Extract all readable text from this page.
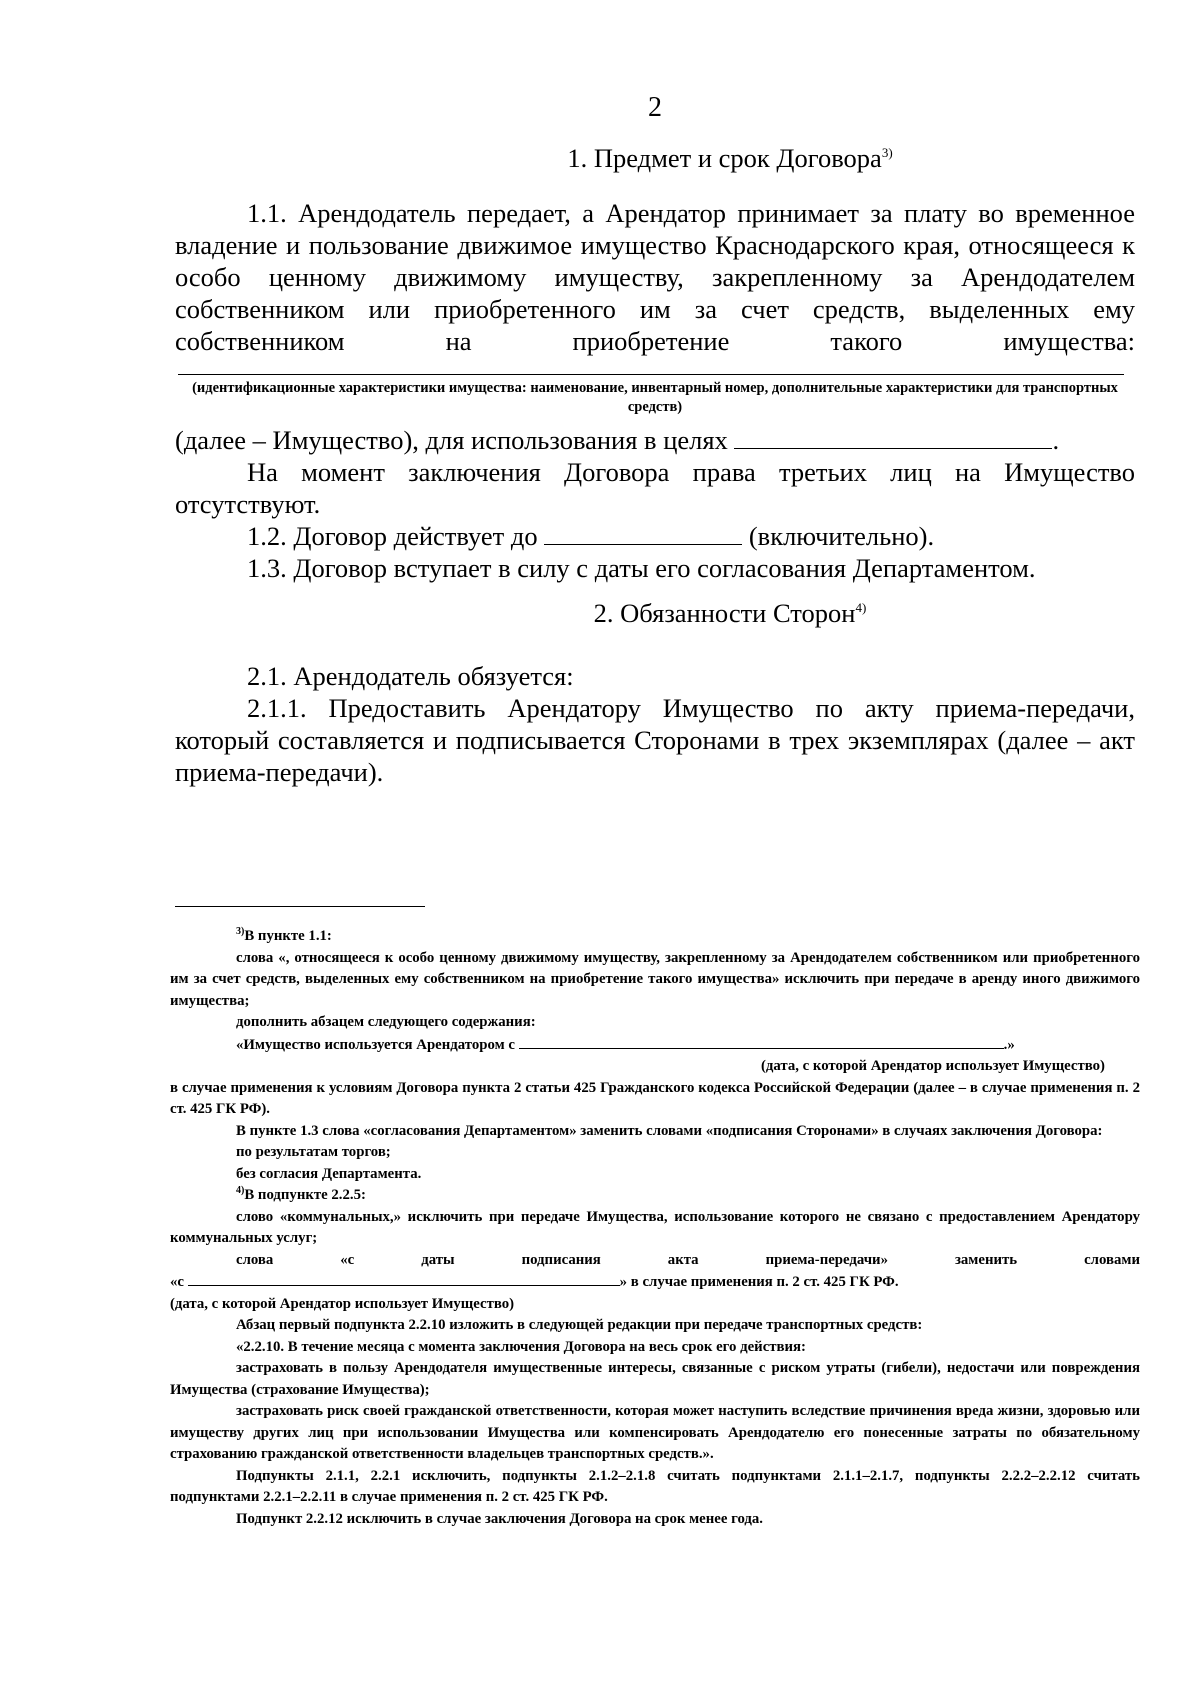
2

1. Предмет и срок Договора$^{3)}$

1.1. Арендодатель передает, а Арендатор принимает за плату во временное владение и пользование движимое имущество Краснодарского края, относящееся к особо ценному движимому имуществу, закрепленному за Арендодателем собственником или приобретенного им за счет средств, выделенных ему собственником на приобретение такого имущества:

(идентификационные характеристики имущества: наименование, инвентарный номер, дополнительные характеристики для транспортных средств)

(далее – Имущество), для использования в целях	.

На момент заключения Договора права третьих лиц на Имущество отсутствуют.

1.2. Договор действует до	(включительно).

1.3. Договор вступает в силу с даты его согласования Департаментом.

2. Обязанности Сторон$^{4)}$

2.1. Арендодатель обязуется:

2.1.1. Предоставить Арендатору Имущество по акту приема-передачи, который составляется и подписывается Сторонами в трех экземплярах (далее – акт приема-передачи).

$^{3)}$В пункте 1.1:

слова «, относящееся к особо ценному движимому имуществу, закрепленному за Арендодателем собственником или приобретенного им за счет средств, выделенных ему собственником на приобретение такого имущества» исключить при передаче в аренду иного движимого имущества;

дополнить абзацем следующего содержания:

«Имущество используется Арендатором с	.»

(дата, с которой Арендатор использует Имущество)

в случае применения к условиям Договора пункта 2 статьи 425 Гражданского кодекса Российской Федерации (далее – в случае применения п. 2 ст. 425 ГК РФ).

В пункте 1.3 слова «согласования Департаментом» заменить словами «подписания Сторонами» в случаях заключения Договора:

по результатам торгов;

без согласия Департамента.

$^{4)}$В подпункте 2.2.5:

слово «коммунальных,» исключить при передаче Имущества, использование которого не связано с предоставлением Арендатору коммунальных услуг;

слова «с даты подписания акта приема-передачи» заменить словами

«с	» в случае применения п. 2 ст. 425 ГК РФ.

(дата, с которой Арендатор использует Имущество)

Абзац первый подпункта 2.2.10 изложить в следующей редакции при передаче транспортных средств:

«2.2.10. В течение месяца с момента заключения Договора на весь срок его действия:

застраховать в пользу Арендодателя имущественные интересы, связанные с риском утраты (гибели), недостачи или повреждения Имущества (страхование Имущества);

застраховать риск своей гражданской ответственности, которая может наступить вследствие причинения вреда жизни, здоровью или имуществу других лиц при использовании Имущества или компенсировать Арендодателю его понесенные затраты по обязательному страхованию гражданской ответственности владельцев транспортных средств.».

Подпункты 2.1.1, 2.2.1 исключить, подпункты 2.1.2–2.1.8 считать подпунктами 2.1.1–2.1.7, подпункты 2.2.2–2.2.12 считать подпунктами 2.2.1–2.2.11 в случае применения п. 2 ст. 425 ГК РФ.

Подпункт 2.2.12 исключить в случае заключения Договора на срок менее года.
